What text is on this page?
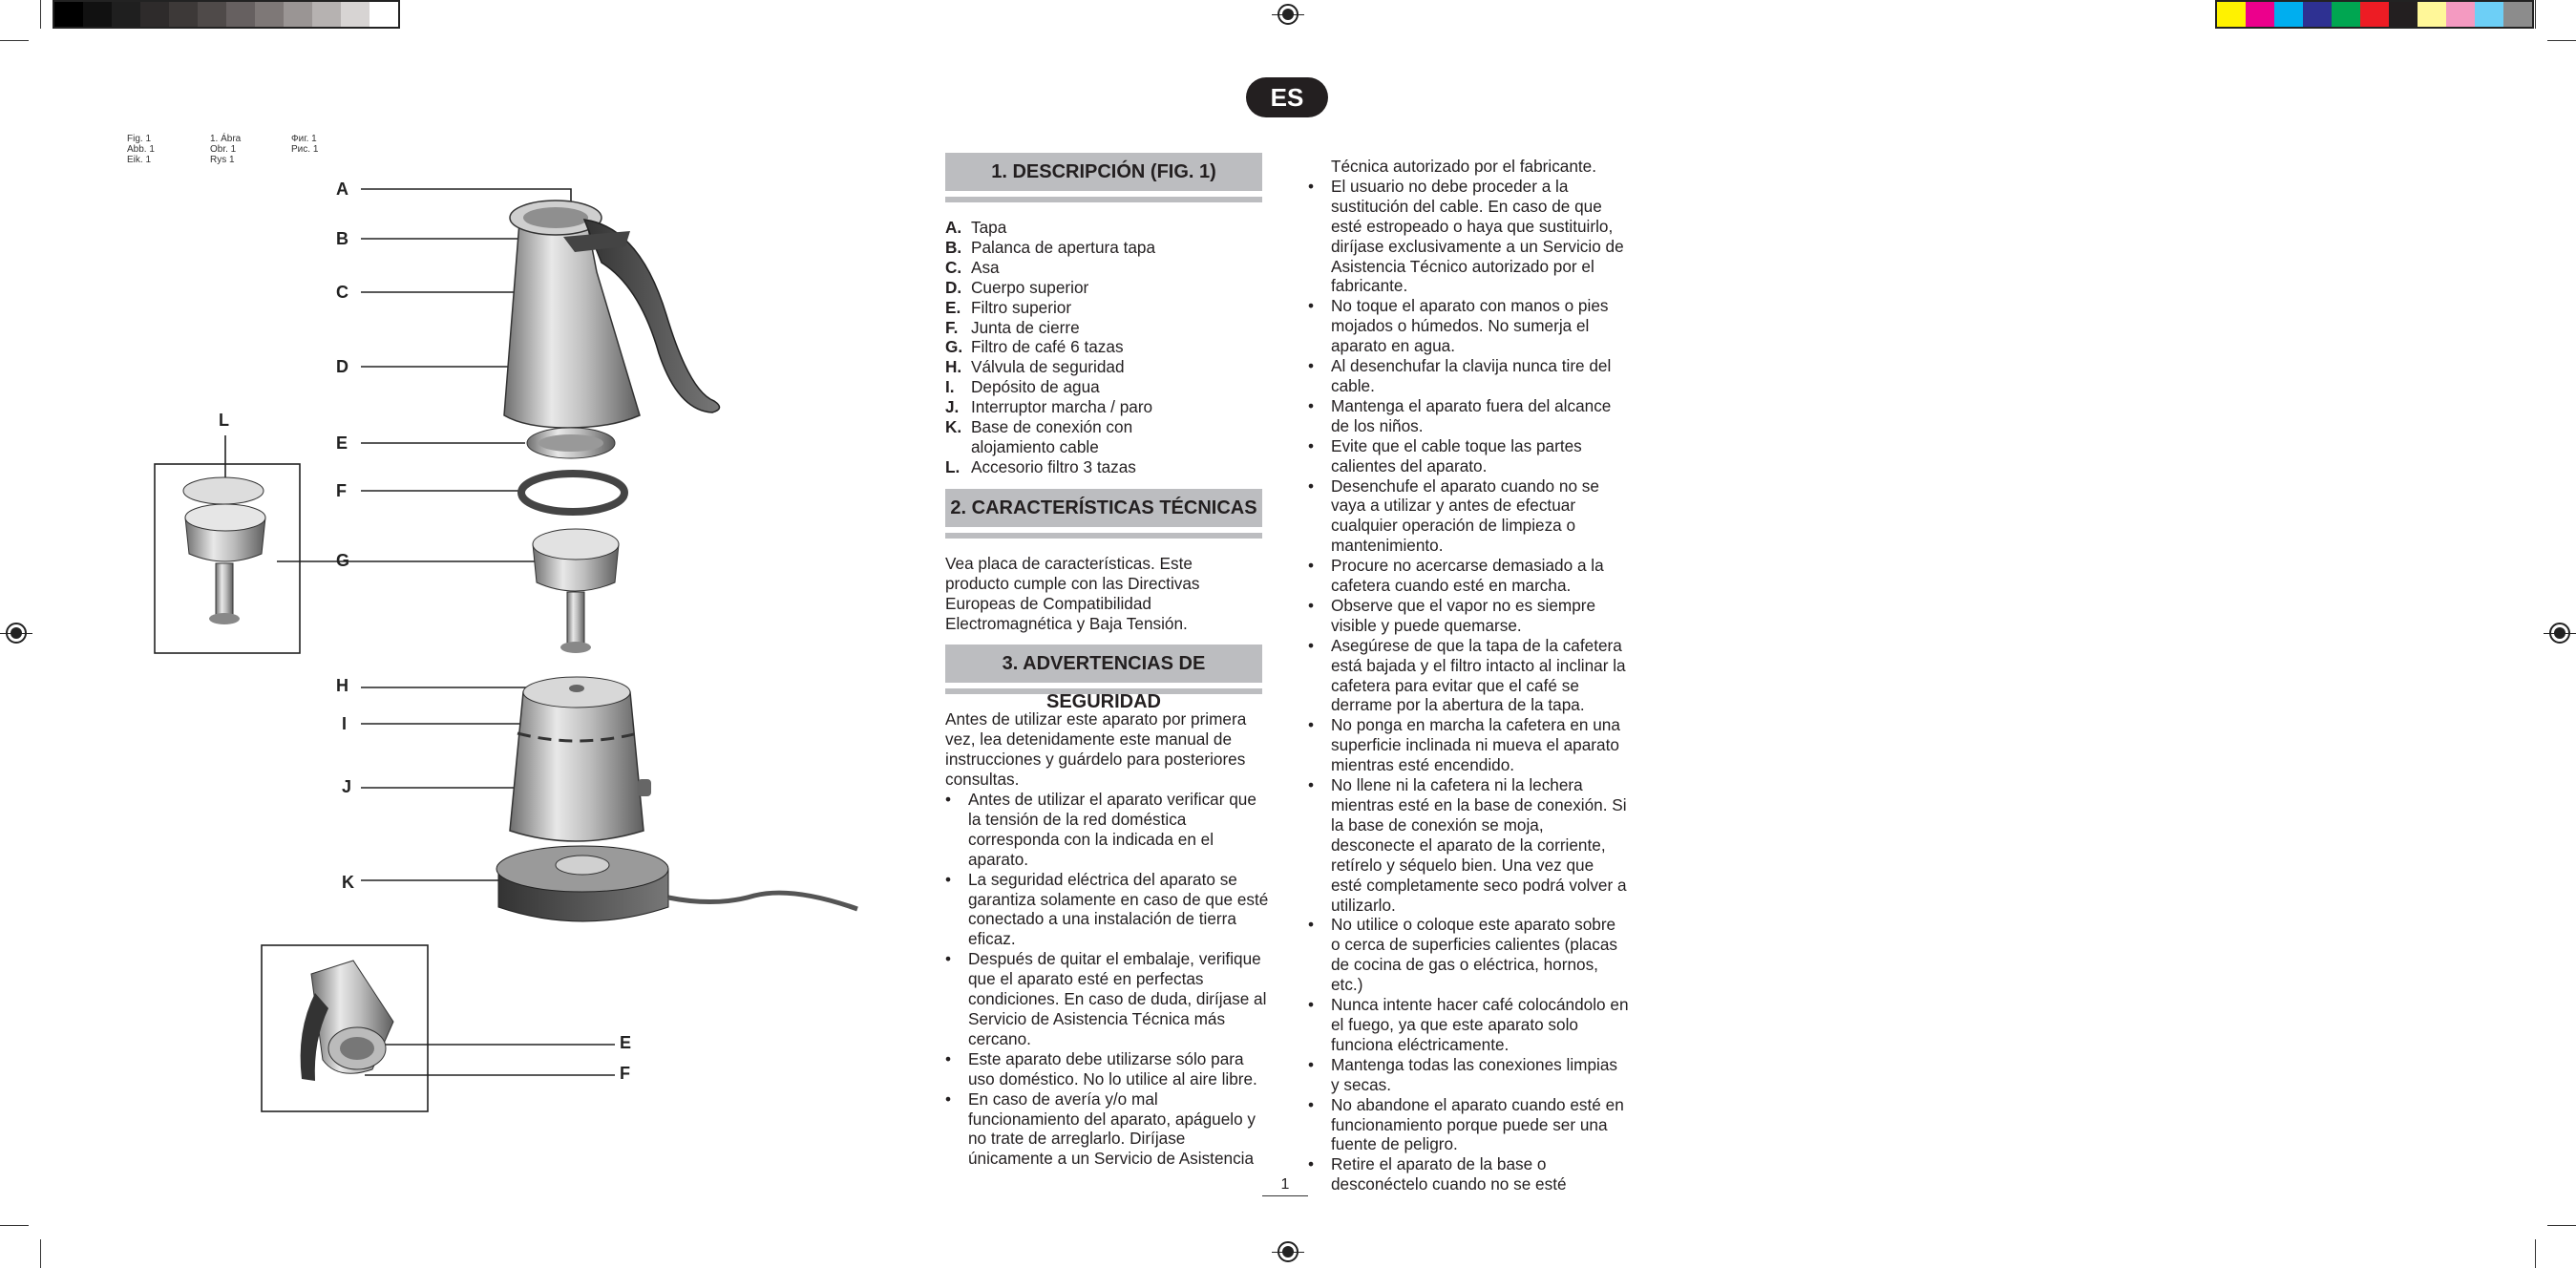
Fig. 1
Abb. 1
Eik. 1
1. Ábra
Obr. 1
Rys 1
Фиг. 1
Рис. 1
A
B
C
D
E
F
G
H
I
J
K
L
E
F
ES
1. DESCRIPCIÓN (FIG. 1)
A. Tapa
B. Palanca de apertura tapa
C. Asa
D. Cuerpo superior
E. Filtro superior
F. Junta de cierre
G. Filtro de café 6 tazas
H. Válvula de seguridad
I.	Depósito de agua
J. Interruptor marcha / paro
K. Base de conexión con alojamiento cable
L. Accesorio filtro 3 tazas
2. CARACTERÍSTICAS TÉCNICAS

Vea placa de características. Este producto cumple con las Directivas Europeas de Compatibilidad Electromagnética y Baja Tensión.

3. ADVERTENCIAS DE SEGURIDAD

Antes de utilizar este aparato por primera vez, lea detenidamente este manual de instrucciones y guárdelo para posteriores consultas.

•	Antes de utilizar el aparato verificar que la tensión de la red doméstica corresponda con la indicada en el aparato.
•	La seguridad eléctrica del aparato se garantiza solamente en caso de que esté conectado a una instalación de tierra eficaz.
•	Después de quitar el embalaje, verifique que el aparato esté en perfectas condiciones. En caso de duda, diríjase al Servicio de Asistencia Técnica más cercano.
•	Este aparato debe utilizarse sólo para uso doméstico. No lo utilice al aire libre.
•	En caso de avería y/o mal funcionamiento del aparato, apáguelo y no trate de arreglarlo. Diríjase únicamente a un Servicio de Asistencia
Técnica autorizado por el fabricante.
•	El usuario no debe proceder a la sustitución del cable. En caso de que esté estropeado o haya que sustituirlo, diríjase exclusivamente a un Servicio de Asistencia Técnico autorizado por el fabricante.
•	No toque el aparato con manos o pies mojados o húmedos. No sumerja el aparato en agua.
•	Al desenchufar la clavija nunca tire del cable.
•	Mantenga el aparato fuera del alcance de los niños.
•	Evite que el cable toque las partes calientes del aparato.
•	Desenchufe el aparato cuando no se vaya a utilizar y antes de efectuar cualquier operación de limpieza o mantenimiento.
•	Procure no acercarse demasiado a la cafetera cuando esté en marcha.
•	Observe que el vapor no es siempre visible y puede quemarse.
•	Asegúrese de que la tapa de la cafetera está bajada y el filtro intacto al inclinar la cafetera para evitar que el café se derrame por la abertura de la tapa.
•	No ponga en marcha la cafetera en una superficie inclinada ni mueva el aparato mientras esté encendido.
•	No llene ni la cafetera ni la lechera mientras esté en la base de conexión. Si la base de conexión se moja, desconecte el aparato de la corriente, retírelo y séquelo bien. Una vez que esté completamente seco podrá volver a utilizarlo.
•	No utilice o coloque este aparato sobre o cerca de superficies calientes (placas de cocina de gas o eléctrica, hornos, etc.)
•	Nunca intente hacer café colocándolo en el fuego, ya que este aparato solo funciona eléctricamente.
•	Mantenga todas las conexiones limpias y secas.
•	No abandone el aparato cuando esté en funcionamiento porque puede ser una fuente de peligro.
•	Retire el aparato de la base o desconéctelo cuando no se esté
1
